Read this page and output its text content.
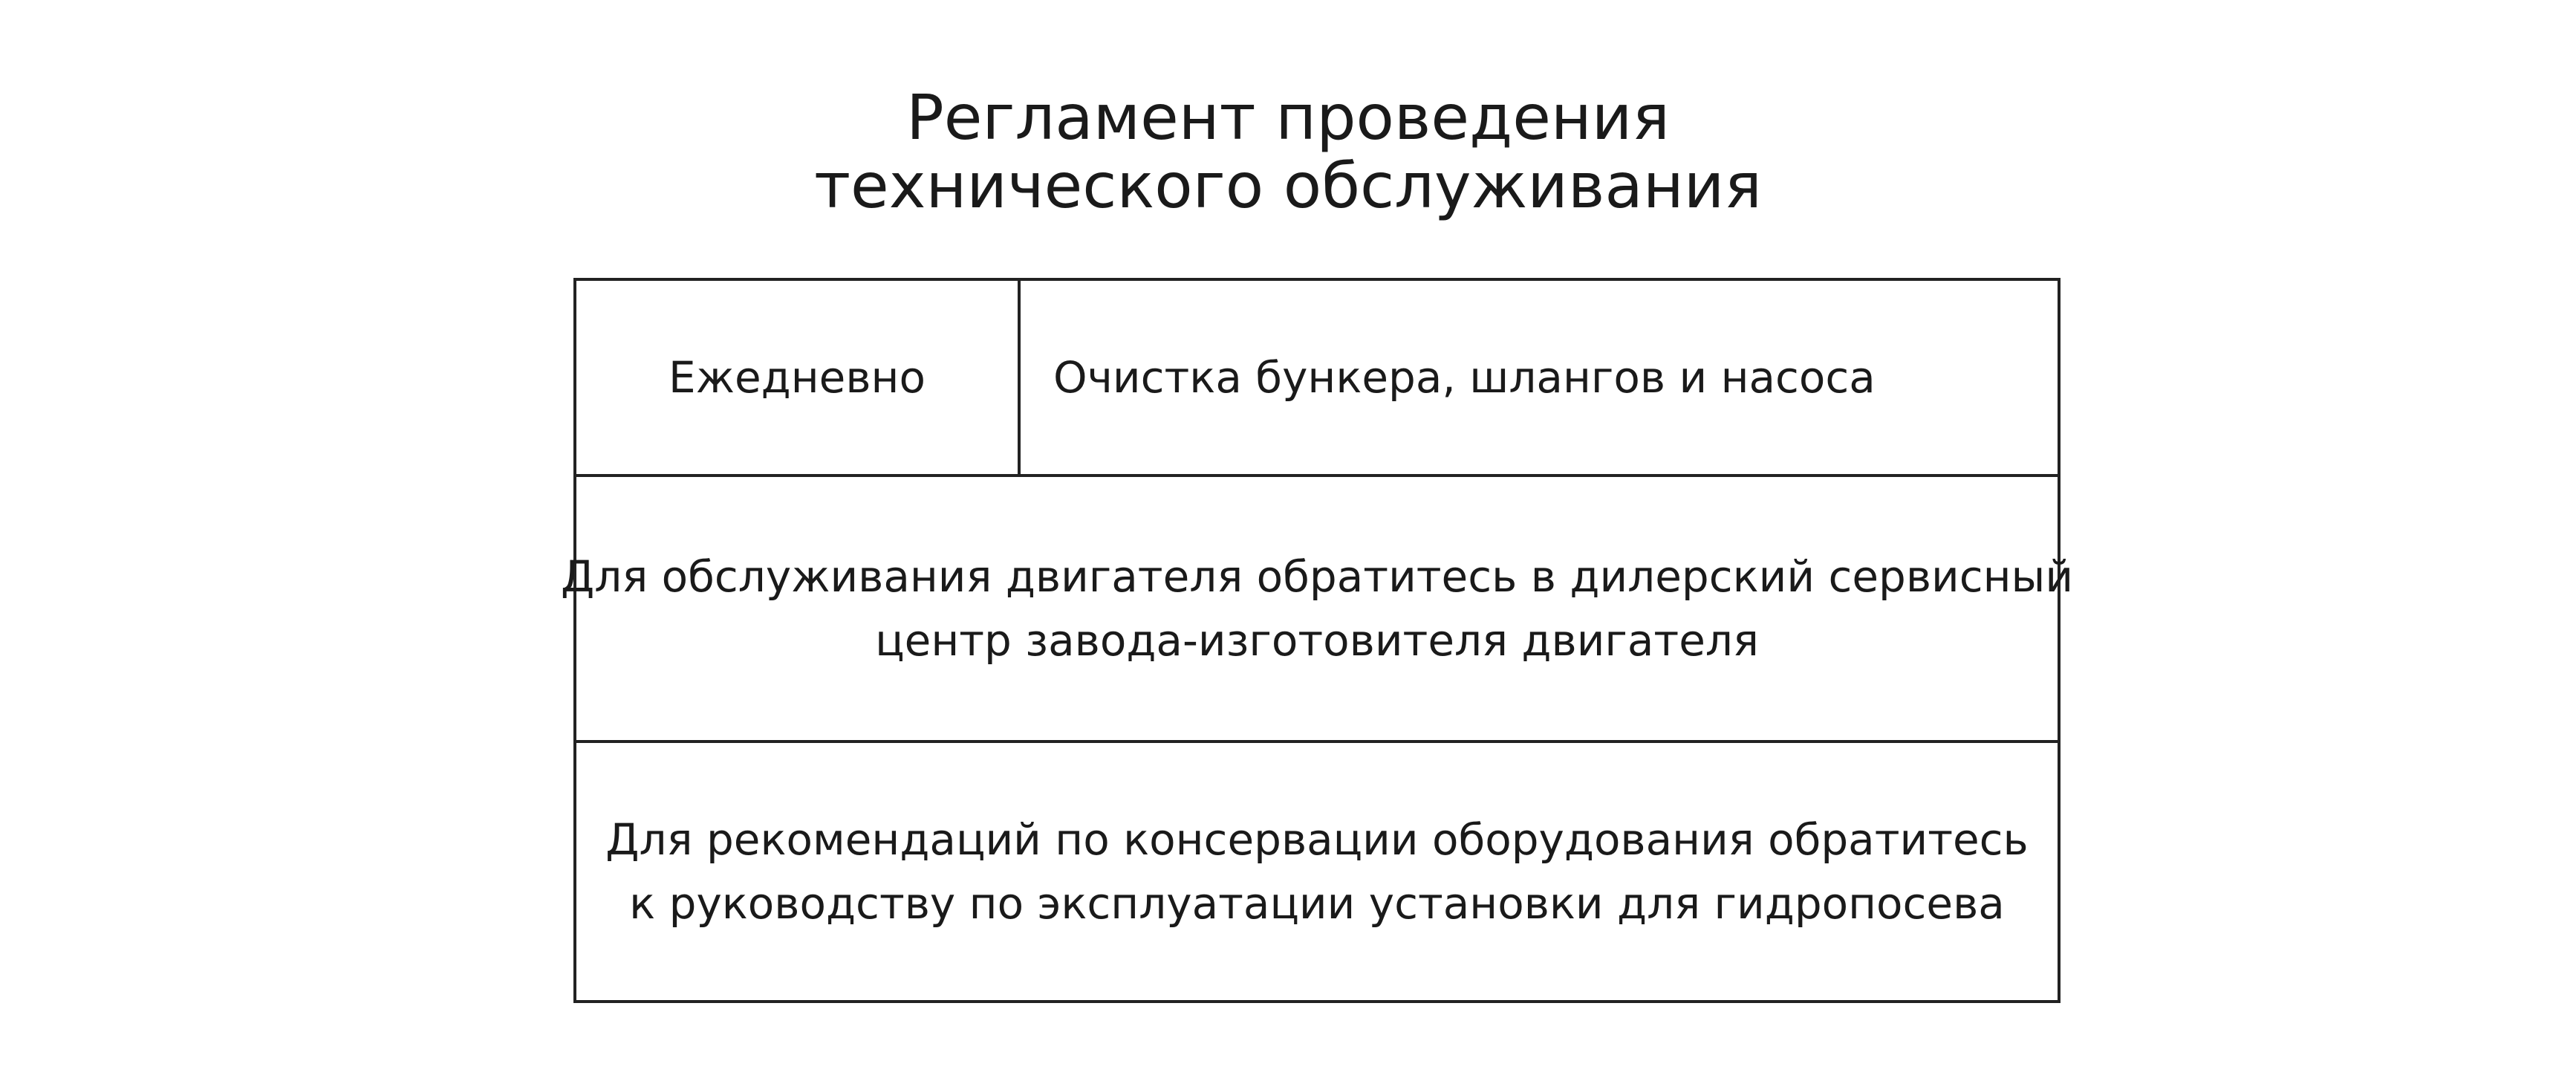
Регламент проведения
технического обслуживания
Ежедневно	Очистка бункера, шлангов и насоса
Для обслуживания двигателя обратитесь в дилерский сервисный
центр завода-изготовителя двигателя
Для рекомендаций по консервации оборудования обратитесь
к руководству по эксплуатации установки для гидропосева
